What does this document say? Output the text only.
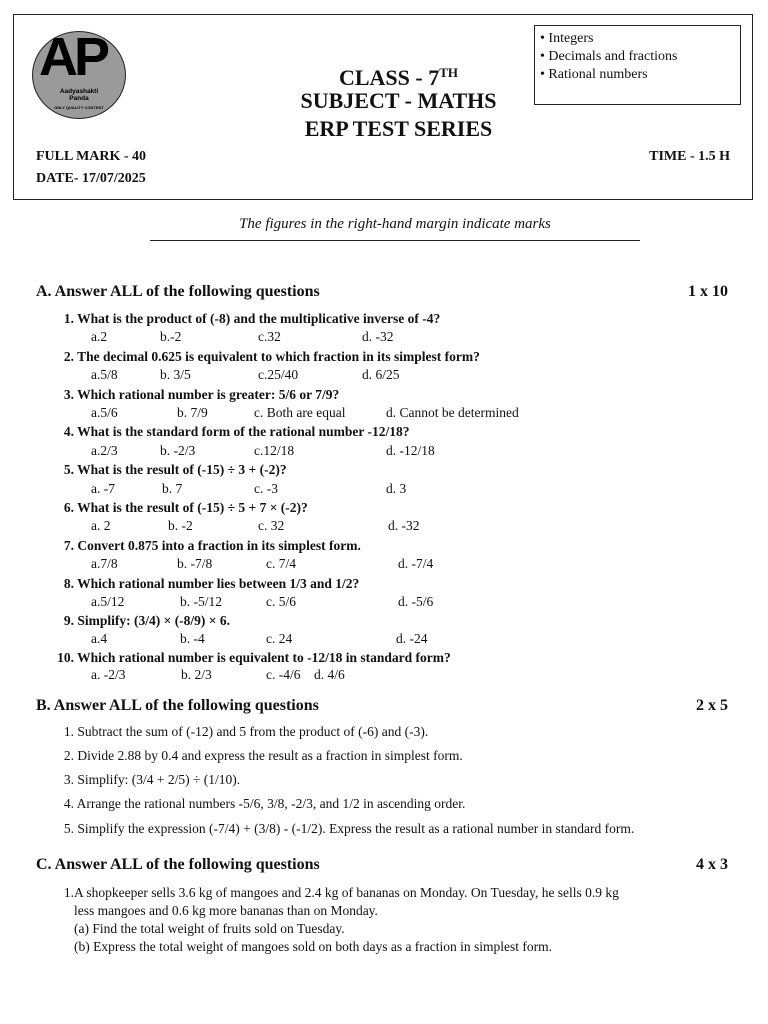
AP
Aadyashakti
Panda
ONLY QUALITY CONTENT
CLASS - 7TH
SUBJECT - MATHS
ERP TEST SERIES
• Integers
• Decimals and fractions
• Rational numbers
FULL MARK - 40
DATE- 17/07/2025
TIME - 1.5 H
The figures in the right-hand margin indicate marks
A. Answer ALL of the following questions	1 x 10
1. What is the product of (-8) and the multiplicative inverse of -4?
a.2	b.-2	c.32	d. -32
2. The decimal 0.625 is equivalent to which fraction in its simplest form?
a.5/8	b. 3/5	c.25/40	d. 6/25
3. Which rational number is greater: 5/6 or 7/9?
a.5/6	b. 7/9	c. Both are equal	d. Cannot be determined
4. What is the standard form of the rational number -12/18?
a.2/3	b. -2/3	c.12/18	d. -12/18
5. What is the result of (-15) ÷ 3 + (-2)?
a. -7	b. 7	c. -3	d. 3
6. What is the result of (-15) ÷ 5 + 7 × (-2)?
a. 2	b. -2	c. 32	d. -32
7. Convert 0.875 into a fraction in its simplest form.
a.7/8	b. -7/8	c. 7/4	d. -7/4
8. Which rational number lies between 1/3 and 1/2?
a.5/12	b. -5/12	c. 5/6	d. -5/6
9. Simplify: (3/4) × (-8/9) × 6.
a.4	b. -4	c. 24	d. -24
10. Which rational number is equivalent to -12/18 in standard form?
a. -2/3	b. 2/3	c. -4/6 d. 4/6
B. Answer ALL of the following questions	2 x 5
1. Subtract the sum of (-12) and 5 from the product of (-6) and (-3).
2. Divide 2.88 by 0.4 and express the result as a fraction in simplest form.
3. Simplify: (3/4 + 2/5) ÷ (1/10).
4. Arrange the rational numbers -5/6, 3/8, -2/3, and 1/2 in ascending order.
5. Simplify the expression (-7/4) + (3/8) - (-1/2). Express the result as a rational number in standard form.
C. Answer ALL of the following questions	4 x 3
1. A shopkeeper sells 3.6 kg of mangoes and 2.4 kg of bananas on Monday. On Tuesday, he sells 0.9 kg
less mangoes and 0.6 kg more bananas than on Monday.
(a) Find the total weight of fruits sold on Tuesday.
(b) Express the total weight of mangoes sold on both days as a fraction in simplest form.
